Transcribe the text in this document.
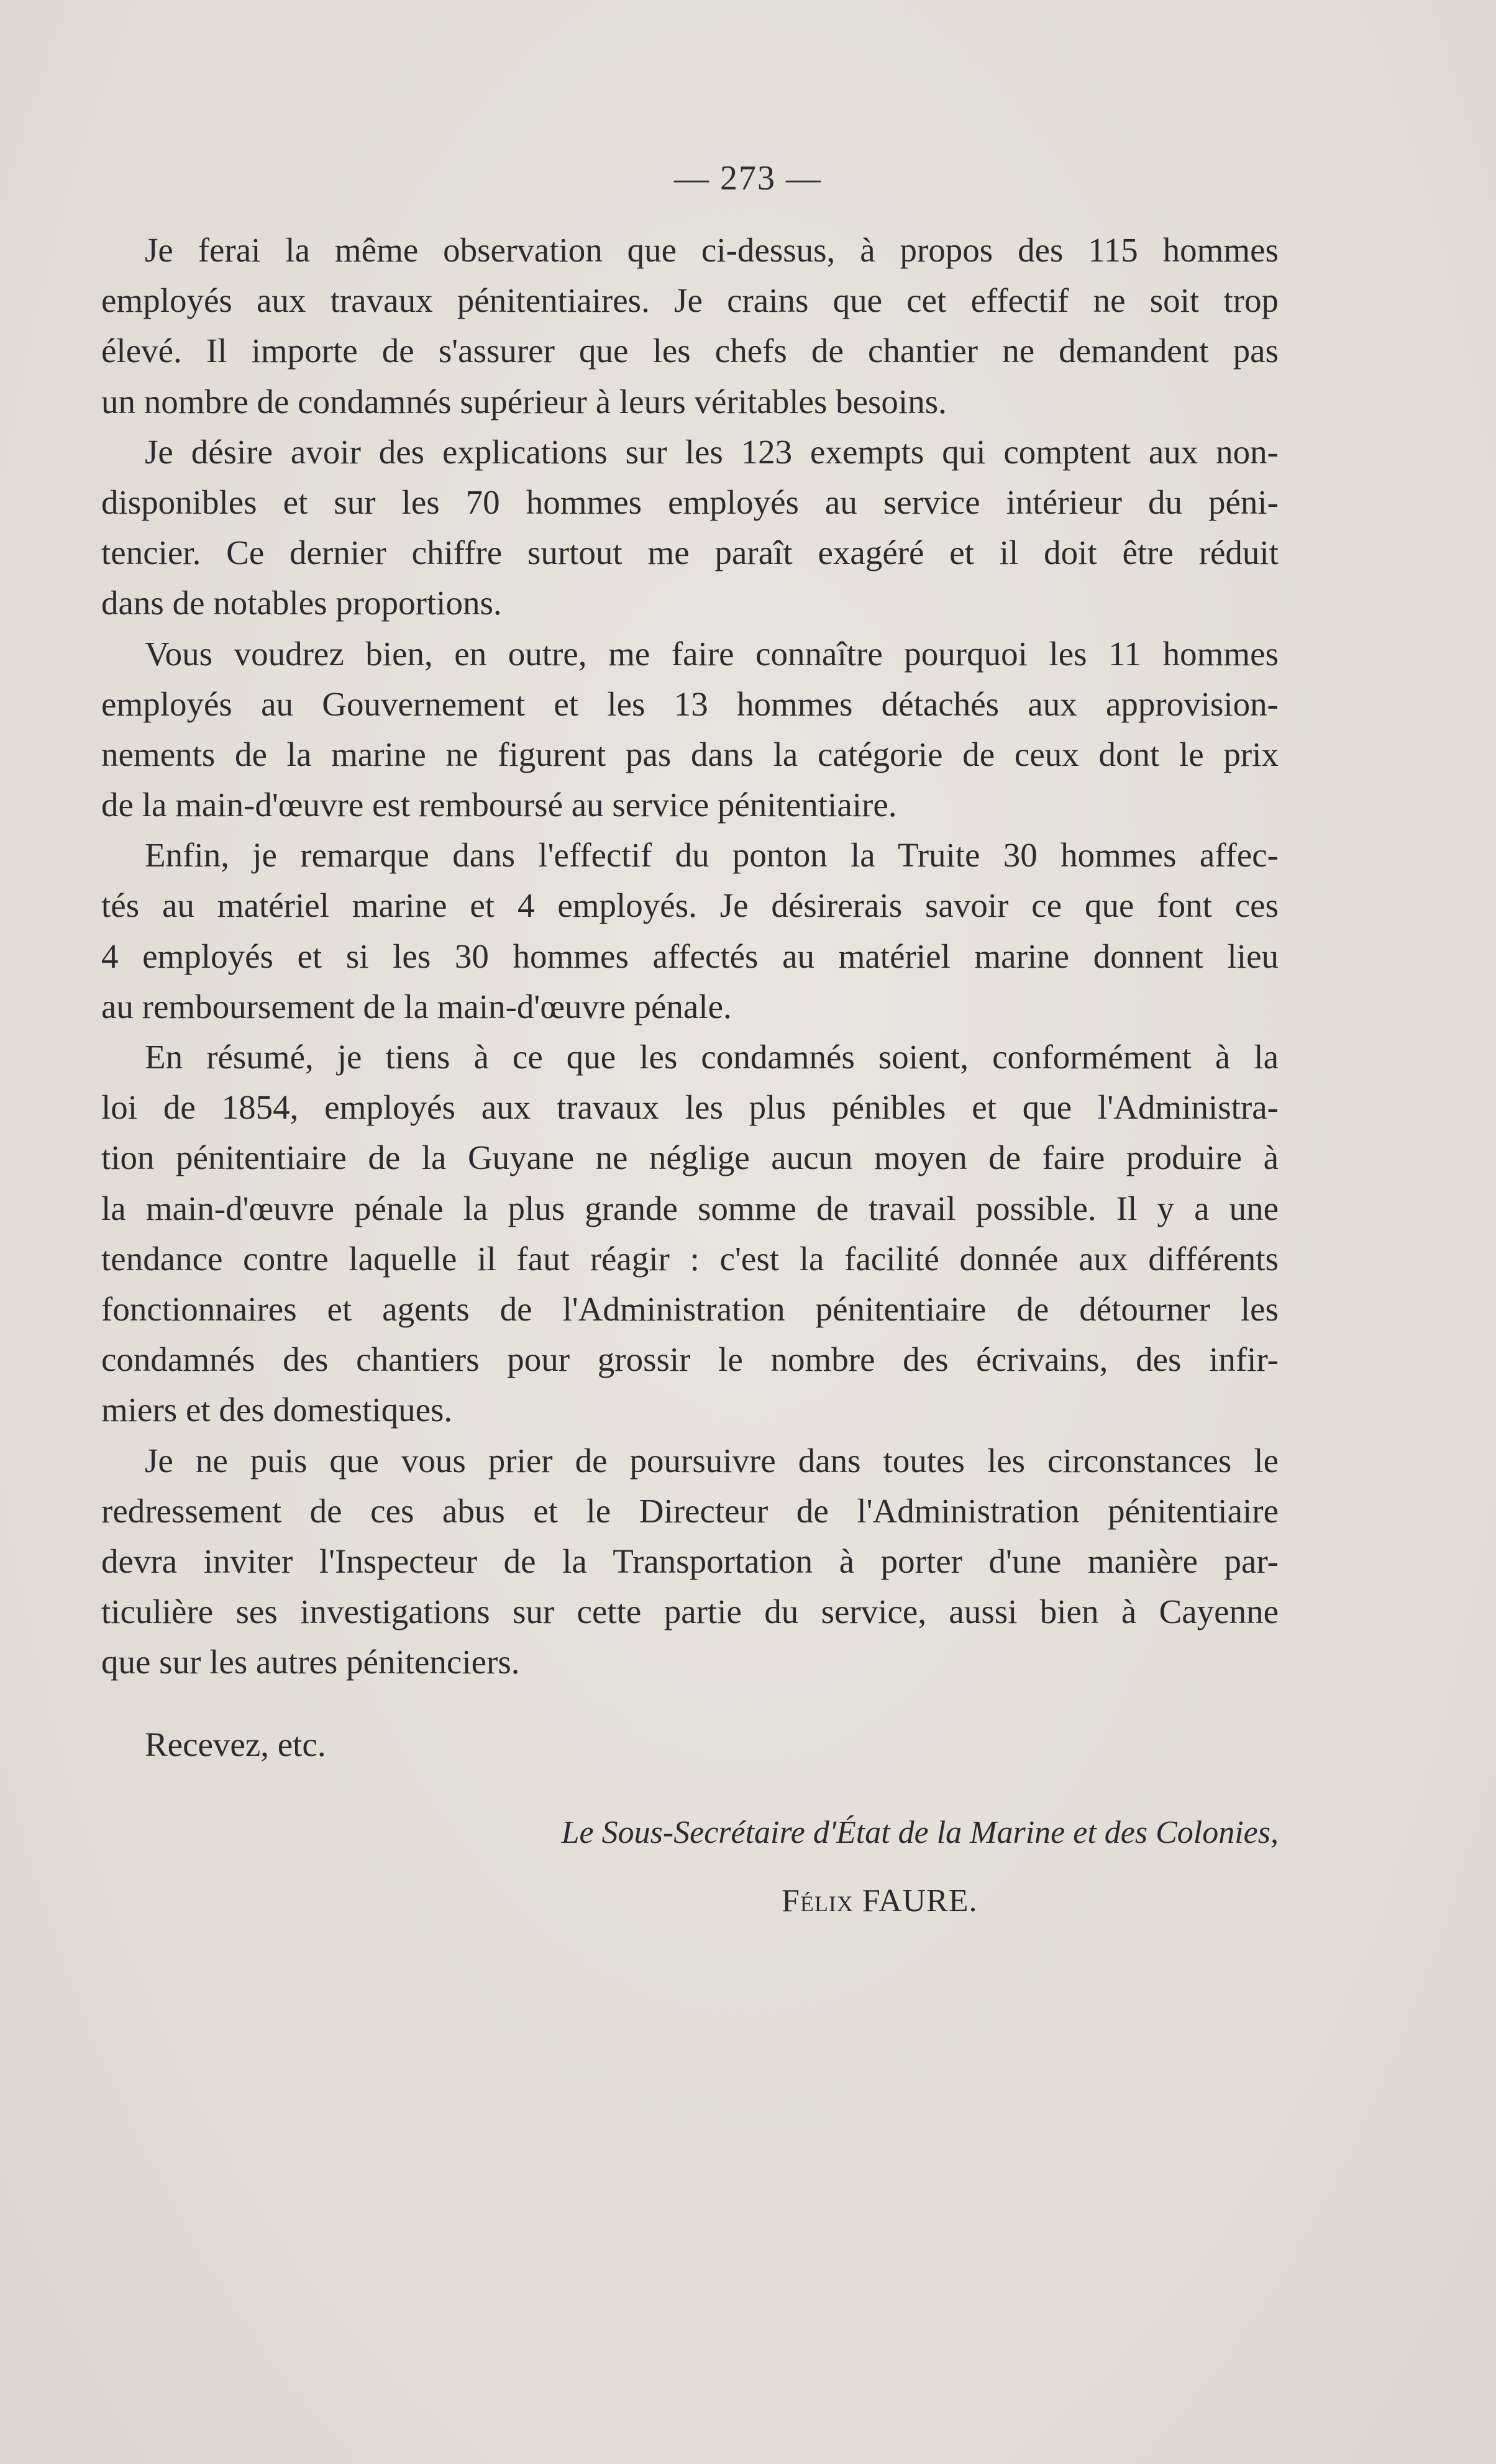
— 273 —
Je ferai la même observation que ci-dessus, à propos des 115 hommes
employés aux travaux pénitentiaires. Je crains que cet effectif ne soit trop
élevé. Il importe de s'assurer que les chefs de chantier ne demandent pas
un nombre de condamnés supérieur à leurs véritables besoins.
Je désire avoir des explications sur les 123 exempts qui comptent aux non-
disponibles et sur les 70 hommes employés au service intérieur du péni-
tencier. Ce dernier chiffre surtout me paraît exagéré et il doit être réduit
dans de notables proportions.
Vous voudrez bien, en outre, me faire connaître pourquoi les 11 hommes
employés au Gouvernement et les 13 hommes détachés aux approvision-
nements de la marine ne figurent pas dans la catégorie de ceux dont le prix
de la main-d'œuvre est remboursé au service pénitentiaire.
Enfin, je remarque dans l'effectif du ponton la Truite 30 hommes affec-
tés au matériel marine et 4 employés. Je désirerais savoir ce que font ces
4 employés et si les 30 hommes affectés au matériel marine donnent lieu
au remboursement de la main-d'œuvre pénale.
En résumé, je tiens à ce que les condamnés soient, conformément à la
loi de 1854, employés aux travaux les plus pénibles et que l'Administra-
tion pénitentiaire de la Guyane ne néglige aucun moyen de faire produire à
la main-d'œuvre pénale la plus grande somme de travail possible. Il y a une
tendance contre laquelle il faut réagir : c'est la facilité donnée aux différents
fonctionnaires et agents de l'Administration pénitentiaire de détourner les
condamnés des chantiers pour grossir le nombre des écrivains, des infir-
miers et des domestiques.
Je ne puis que vous prier de poursuivre dans toutes les circonstances le
redressement de ces abus et le Directeur de l'Administration pénitentiaire
devra inviter l'Inspecteur de la Transportation à porter d'une manière par-
ticulière ses investigations sur cette partie du service, aussi bien à Cayenne
que sur les autres pénitenciers.
Recevez, etc.
Le Sous-Secrétaire d'État de la Marine et des Colonies,
Félix FAURE.
